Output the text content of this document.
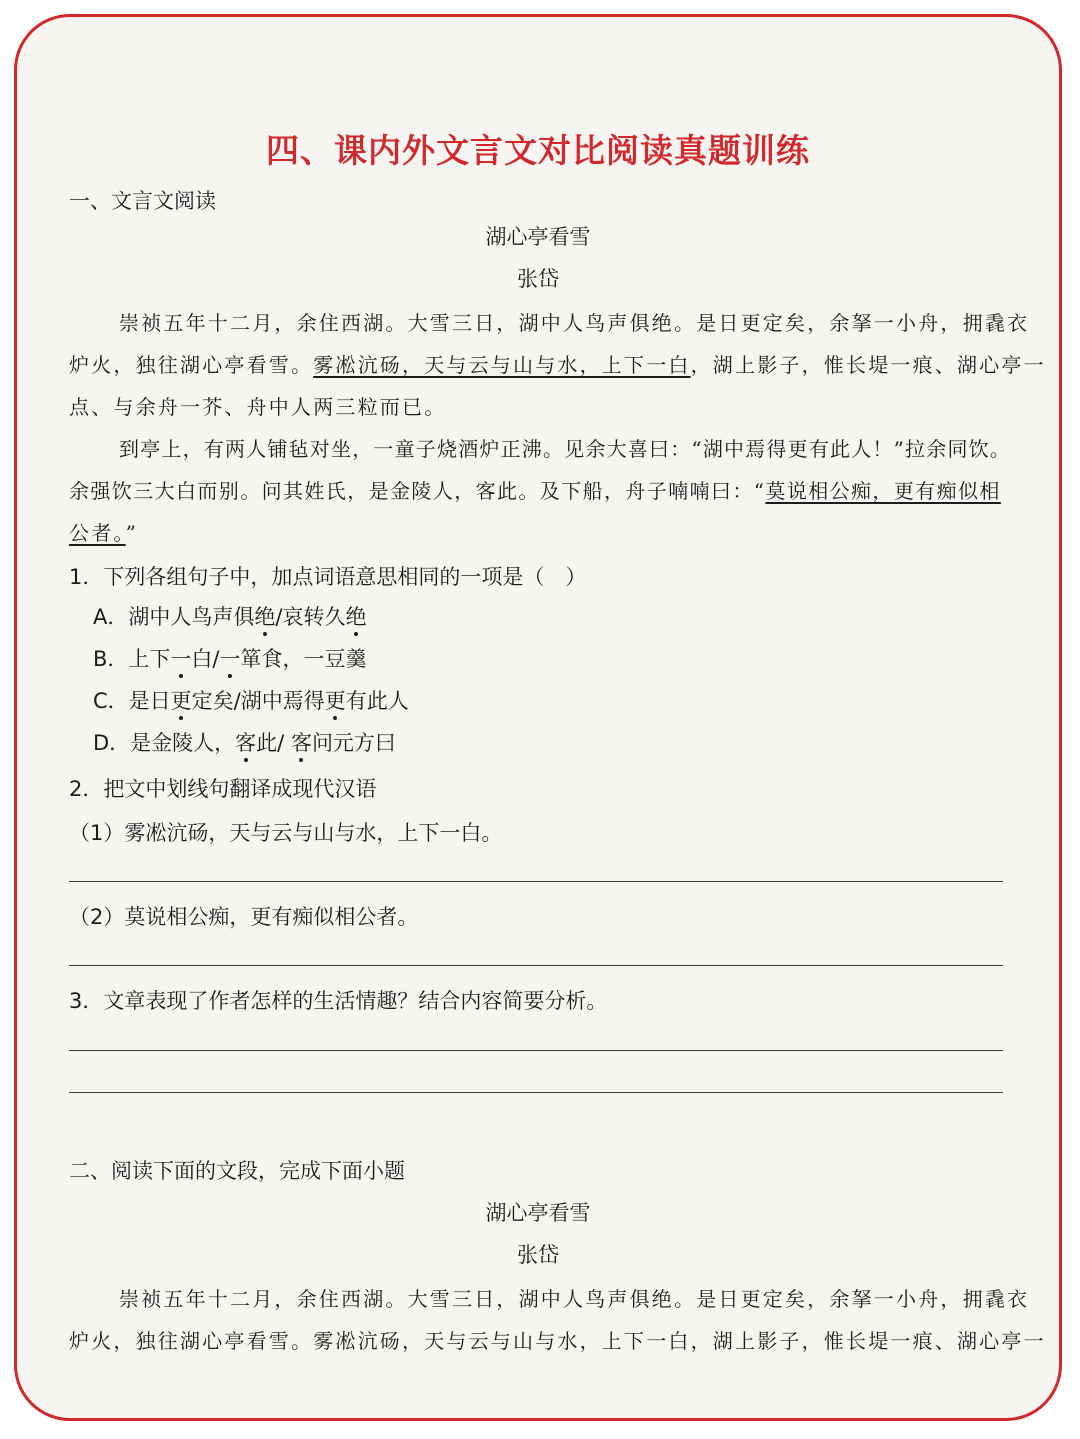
四、课内外文言文对比阅读真题训练
一、文言文阅读
湖心亭看雪
张岱
崇祯五年十二月，余住西湖。大雪三日，湖中人鸟声俱绝。是日更定矣，余拏一小舟，拥毳衣
炉火，独往湖心亭看雪。雾凇沆砀，天与云与山与水，上下一白，湖上影子，惟长堤一痕、湖心亭一
点、与余舟一芥、舟中人两三粒而已。
到亭上，有两人铺毡对坐，一童子烧酒炉正沸。见余大喜曰：“湖中焉得更有此人！”拉余同饮。
余强饮三大白而别。问其姓氏，是金陵人，客此。及下船，舟子喃喃曰：“莫说相公痴，更有痴似相
公者。”
1．下列各组句子中，加点词语意思相同的一项是（　）
A．湖中人鸟声俱绝/哀转久绝
B．上下一白/一箪食，一豆羹
C．是日更定矣/湖中焉得更有此人
D．是金陵人，客此/ 客问元方曰
2．把文中划线句翻译成现代汉语
（1）雾凇沆砀，天与云与山与水，上下一白。
（2）莫说相公痴，更有痴似相公者。
3．文章表现了作者怎样的生活情趣？结合内容简要分析。
二、阅读下面的文段，完成下面小题
湖心亭看雪
张岱
崇祯五年十二月，余住西湖。大雪三日，湖中人鸟声俱绝。是日更定矣，余拏一小舟，拥毳衣
炉火，独往湖心亭看雪。雾凇沆砀，天与云与山与水，上下一白，湖上影子，惟长堤一痕、湖心亭一
